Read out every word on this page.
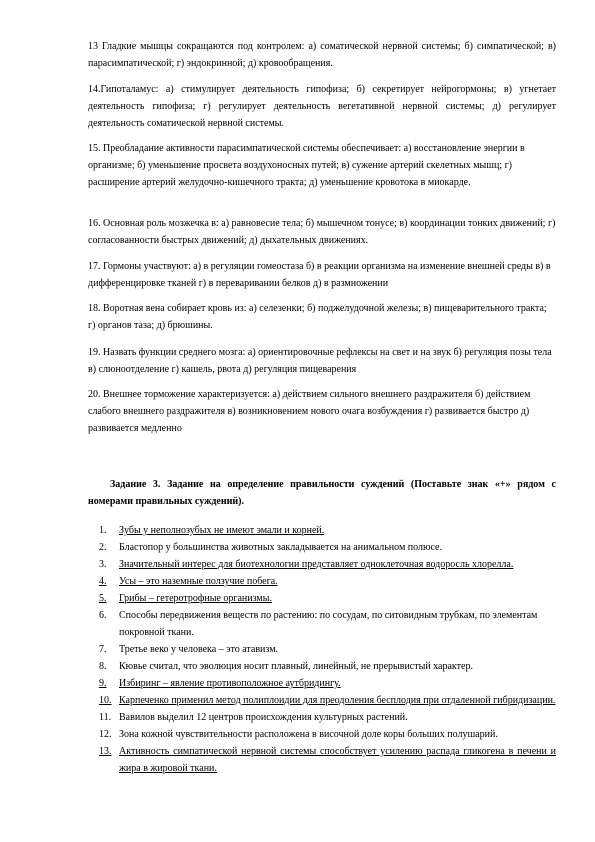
13 Гладкие мышцы сокращаются под контролем: а) соматической нервной системы; б) симпатической; в) парасимпатической; г) эндокринной; д) кровообращения.

14.Гипоталамус: а) стимулирует деятельность гипофиза; б) секретирует нейрогормоны; в) угнетает деятельность гипофиза; г) регулирует деятельность вегетативной нервной системы; д) регулирует деятельность соматической нервной системы.

15. Преобладание активности парасимпатической системы обеспечивает: а) восстановление энергии в организме; б) уменьшение просвета воздухоносных путей; в) сужение артерий скелетных мышц; г) расширение артерий желудочно-кишечного тракта; д) уменьшение кровотока в миокарде.

16. Основная роль мозжечка в: а) равновесие тела; б) мышечном тонусе; в) координации тонких движений; г) согласованности быстрых движений; д) дыхательных движениях.

17. Гормоны участвуют: а) в регуляции гомеостаза б) в реакции организма на изменение внешней среды в) в дифференцировке тканей г) в переваривании белков д) в размножении

18. Воротная вена собирает кровь из: а) селезенки; б) поджелудочной железы; в) пищеварительного тракта; г) органов таза; д) брюшины.

19. Назвать функции среднего мозга: а) ориентировочные рефлексы на свет и на звук б) регуляция позы тела в) слюноотделение г) кашель, рвота д) регуляция пищеварения

20. Внешнее торможение характеризуется: а) действием сильного внешнего раздражителя б) действием слабого внешнего раздражителя в) возникновением нового очага возбуждения г) развивается быстро д) развивается медленно

Задание 3. Задание на определение правильности суждений (Поставьте знак «+» рядом с номерами правильных суждений).

1. Зубы у неполнозубых не имеют эмали и корней.
2. Бластопор у большинства животных закладывается на анимальном полюсе.
3. Значительный интерес для биотехнологии представляет одноклеточная водоросль хлорелла.
4. Усы – это наземные ползучие побега.
5. Грибы – гетеротрофные организмы.
6. Способы передвижения веществ по растению: по сосудам, по ситовидным трубкам, по элементам покровной ткани.
7. Третье веко у человека – это атавизм.
8. Кювье считал, что эволюция носит плавный, линейный, не прерывистый характер.
9. Избиринг – явление противоположное аутбридингу.
10. Карпеченко применил метод полиплоидии для преодоления бесплодия при отдаленной гибридизации.
11. Вавилов выделил 12 центров происхождения культурных растений.
12. Зона кожной чувствительности расположена в височной доле коры больших полушарий.
13. Активность симпатической нервной системы способствует усилению распада гликогена в печени и жира в жировой ткани.
